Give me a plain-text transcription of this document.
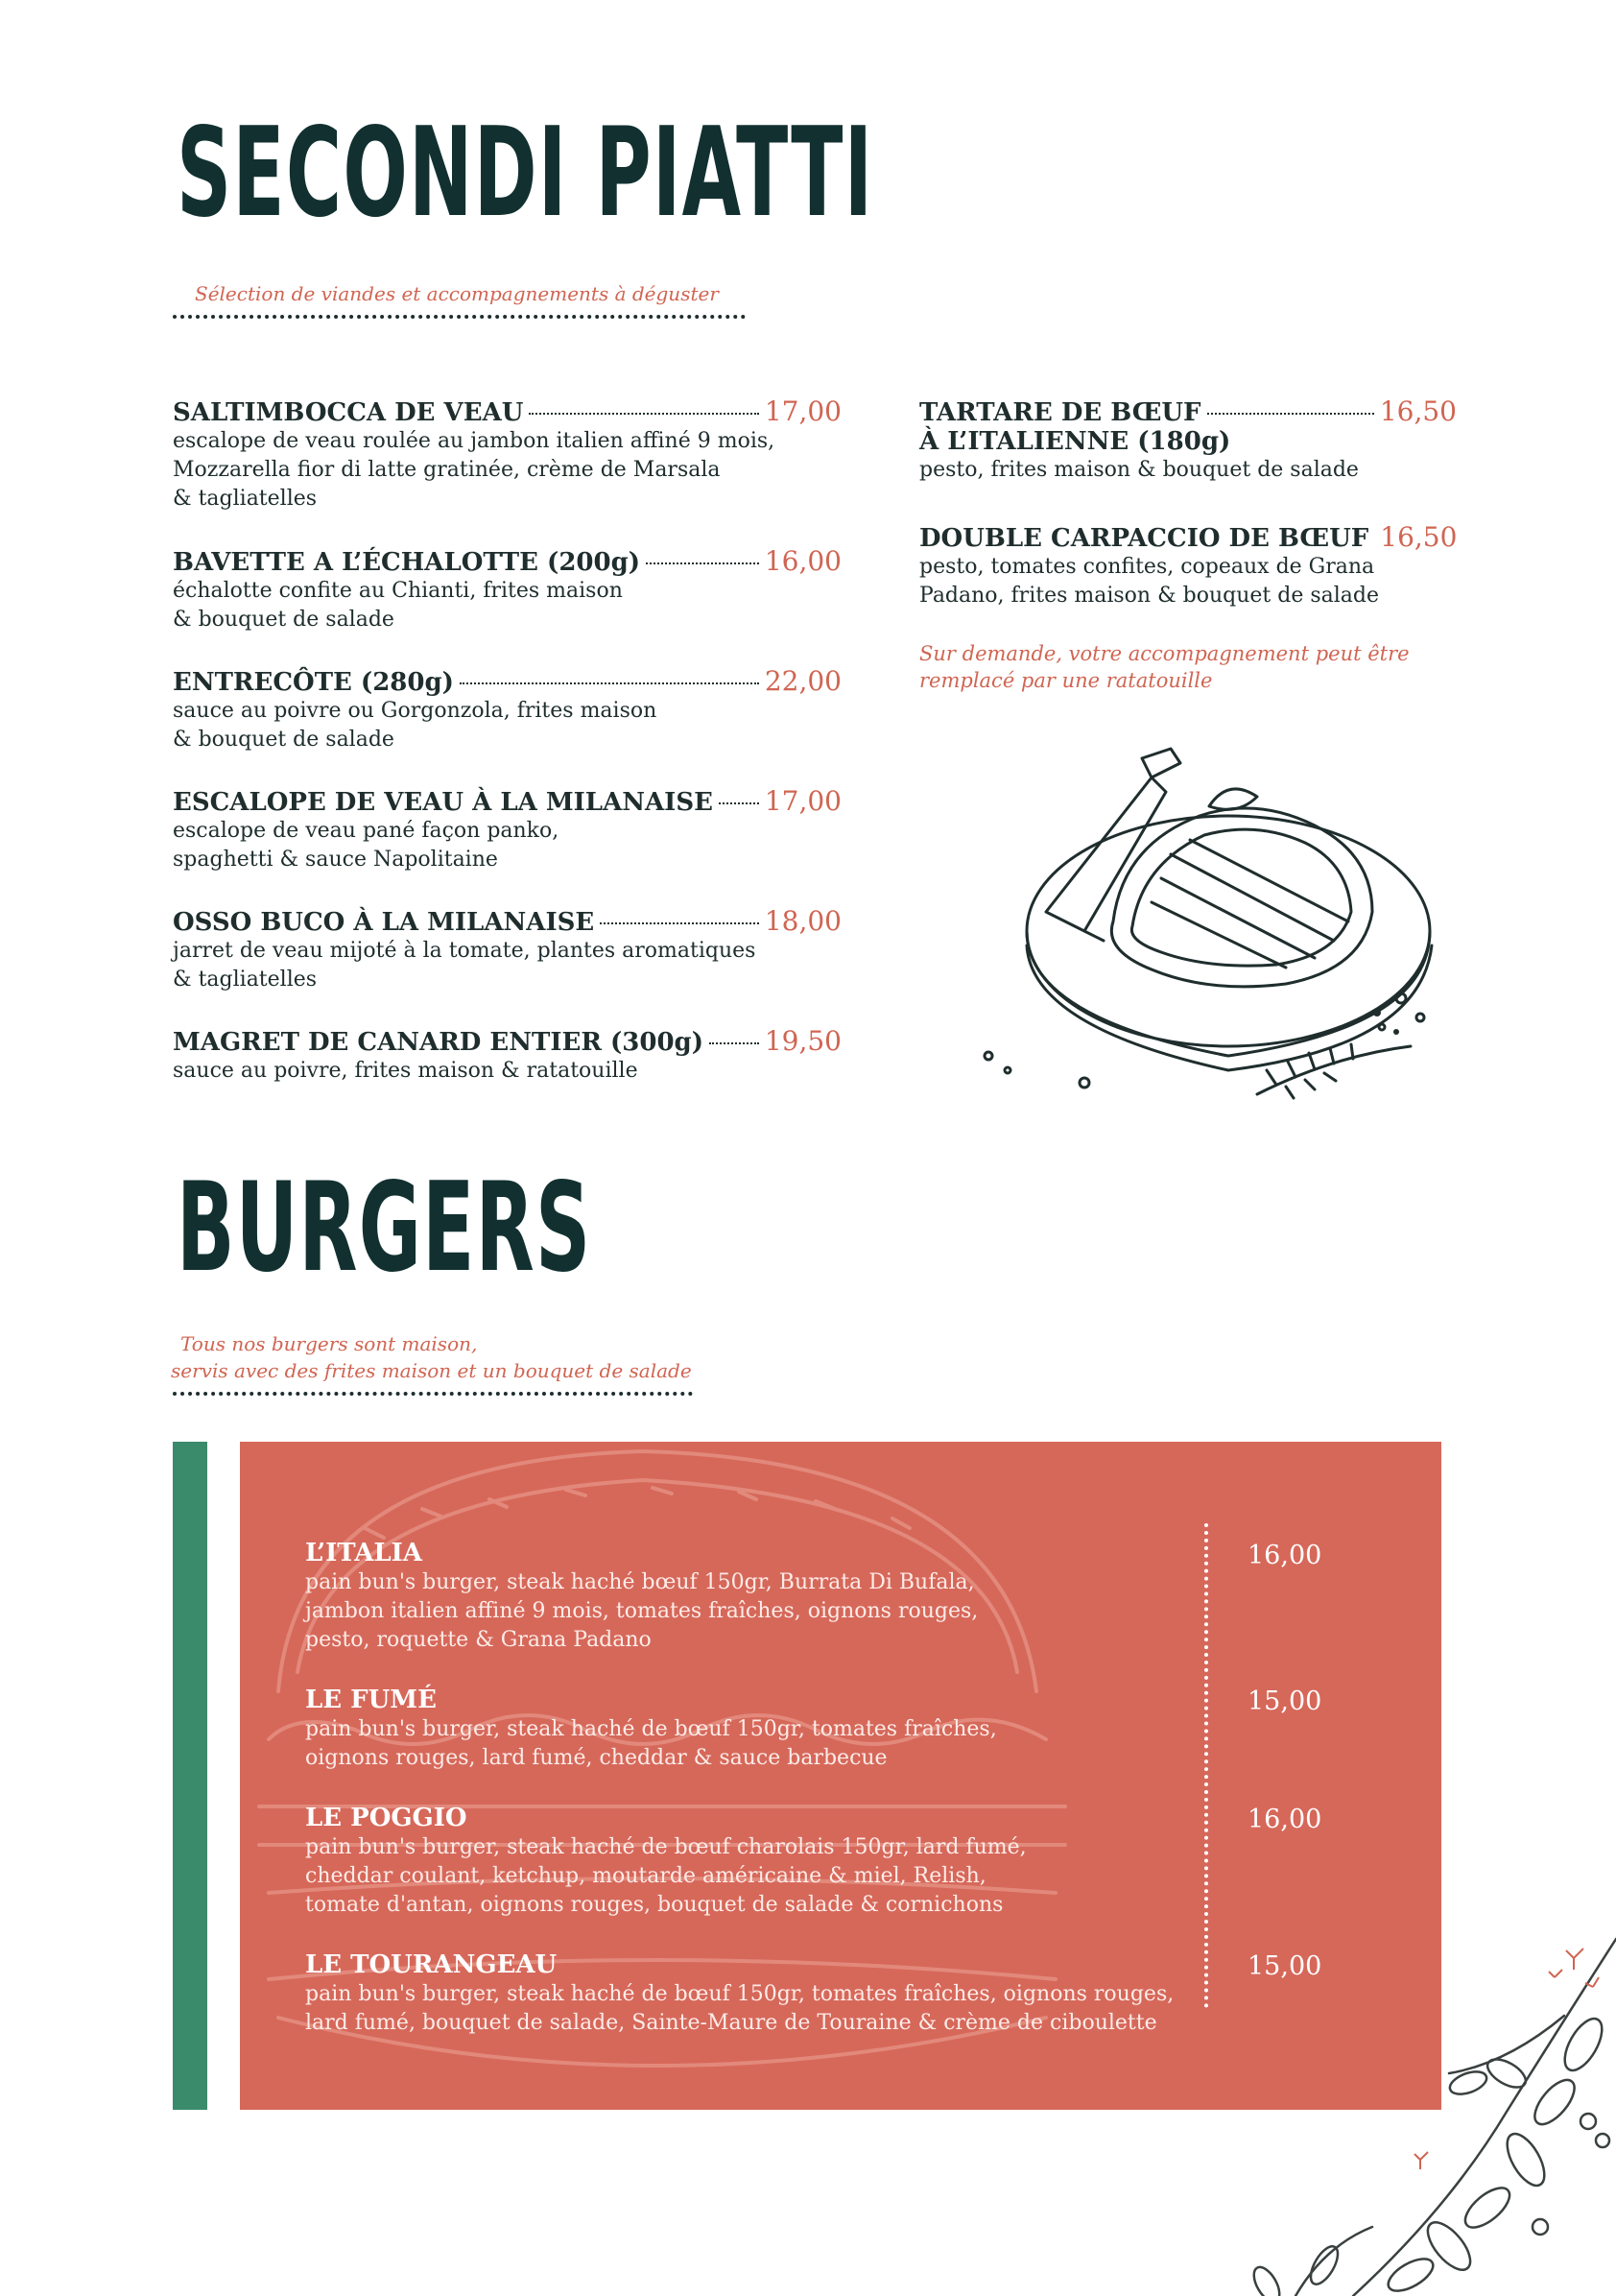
SECONDI PIATTI
Sélection de viandes et accompagnements à déguster
SALTIMBOCCA DE VEAU	17,00
escalope de veau roulée au jambon italien affiné 9 mois,
Mozzarella fior di latte gratinée, crème de Marsala
& tagliatelles
BAVETTE A L’ÉCHALOTTE (200g)	16,00
échalotte confite au Chianti, frites maison
& bouquet de salade
ENTRECÔTE (280g)	22,00
sauce au poivre ou Gorgonzola, frites maison
& bouquet de salade
ESCALOPE DE VEAU À LA MILANAISE 17,00
escalope de veau pané façon panko,
spaghetti & sauce Napolitaine
OSSO BUCO À LA MILANAISE	18,00
jarret de veau mijoté à la tomate, plantes aromatiques
& tagliatelles
MAGRET DE CANARD ENTIER (300g) 19,50
sauce au poivre, frites maison & ratatouille
TARTARE DE BŒUF	16,50
À L’ITALIENNE (180g)
pesto, frites maison & bouquet de salade
DOUBLE CARPACCIO DE BŒUF 16,50
pesto, tomates confites, copeaux de Grana
Padano, frites maison & bouquet de salade
Sur demande, votre accompagnement peut être
remplacé par une ratatouille
BURGERS
Tous nos burgers sont maison,
servis avec des frites maison et un bouquet de salade
L’ITALIA
pain bun's burger, steak haché bœuf 150gr, Burrata Di Bufala,
jambon italien affiné 9 mois, tomates fraîches, oignons rouges,
pesto, roquette & Grana Padano
16,00
LE FUMÉ
pain bun's burger, steak haché de bœuf 150gr, tomates fraîches,
oignons rouges, lard fumé, cheddar & sauce barbecue
15,00
LE POGGIO
pain bun's burger, steak haché de bœuf charolais 150gr, lard fumé,
cheddar coulant, ketchup, moutarde américaine & miel, Relish,
tomate d'antan, oignons rouges, bouquet de salade & cornichons
16,00
LE TOURANGEAU
pain bun's burger, steak haché de bœuf 150gr, tomates fraîches, oignons rouges,
lard fumé, bouquet de salade, Sainte-Maure de Touraine & crème de ciboulette
15,00
